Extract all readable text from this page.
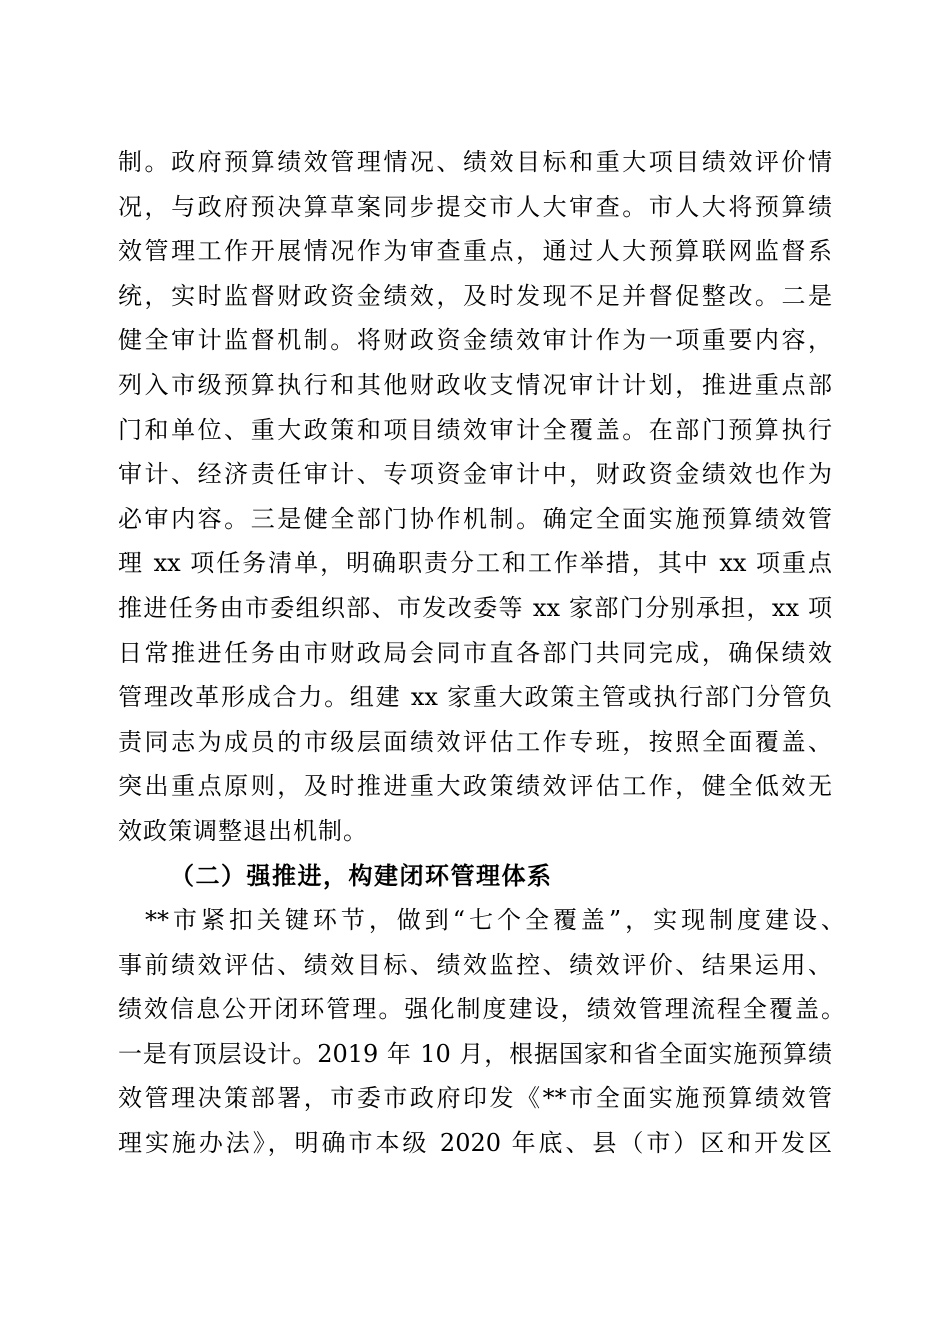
制。政府预算绩效管理情况、绩效目标和重大项目绩效评价情
况，与政府预决算草案同步提交市人大审查。市人大将预算绩
效管理工作开展情况作为审查重点，通过人大预算联网监督系
统，实时监督财政资金绩效，及时发现不足并督促整改。二是
健全审计监督机制。将财政资金绩效审计作为一项重要内容，
列入市级预算执行和其他财政收支情况审计计划，推进重点部
门和单位、重大政策和项目绩效审计全覆盖。在部门预算执行
审计、经济责任审计、专项资金审计中，财政资金绩效也作为
必审内容。三是健全部门协作机制。确定全面实施预算绩效管
理 xx 项任务清单，明确职责分工和工作举措，其中 xx 项重点
推进任务由市委组织部、市发改委等 xx 家部门分别承担，xx 项
日常推进任务由市财政局会同市直各部门共同完成，确保绩效
管理改革形成合力。组建 xx 家重大政策主管或执行部门分管负
责同志为成员的市级层面绩效评估工作专班，按照全面覆盖、
突出重点原则，及时推进重大政策绩效评估工作，健全低效无
效政策调整退出机制。
（二）强推进，构建闭环管理体系
**市紧扣关键环节，做到“七个全覆盖”，实现制度建设、
事前绩效评估、绩效目标、绩效监控、绩效评价、结果运用、
绩效信息公开闭环管理。强化制度建设，绩效管理流程全覆盖。
一是有顶层设计。2019 年 10 月，根据国家和省全面实施预算绩
效管理决策部署，市委市政府印发《**市全面实施预算绩效管
理实施办法》，明确市本级 2020 年底、县（市）区和开发区
